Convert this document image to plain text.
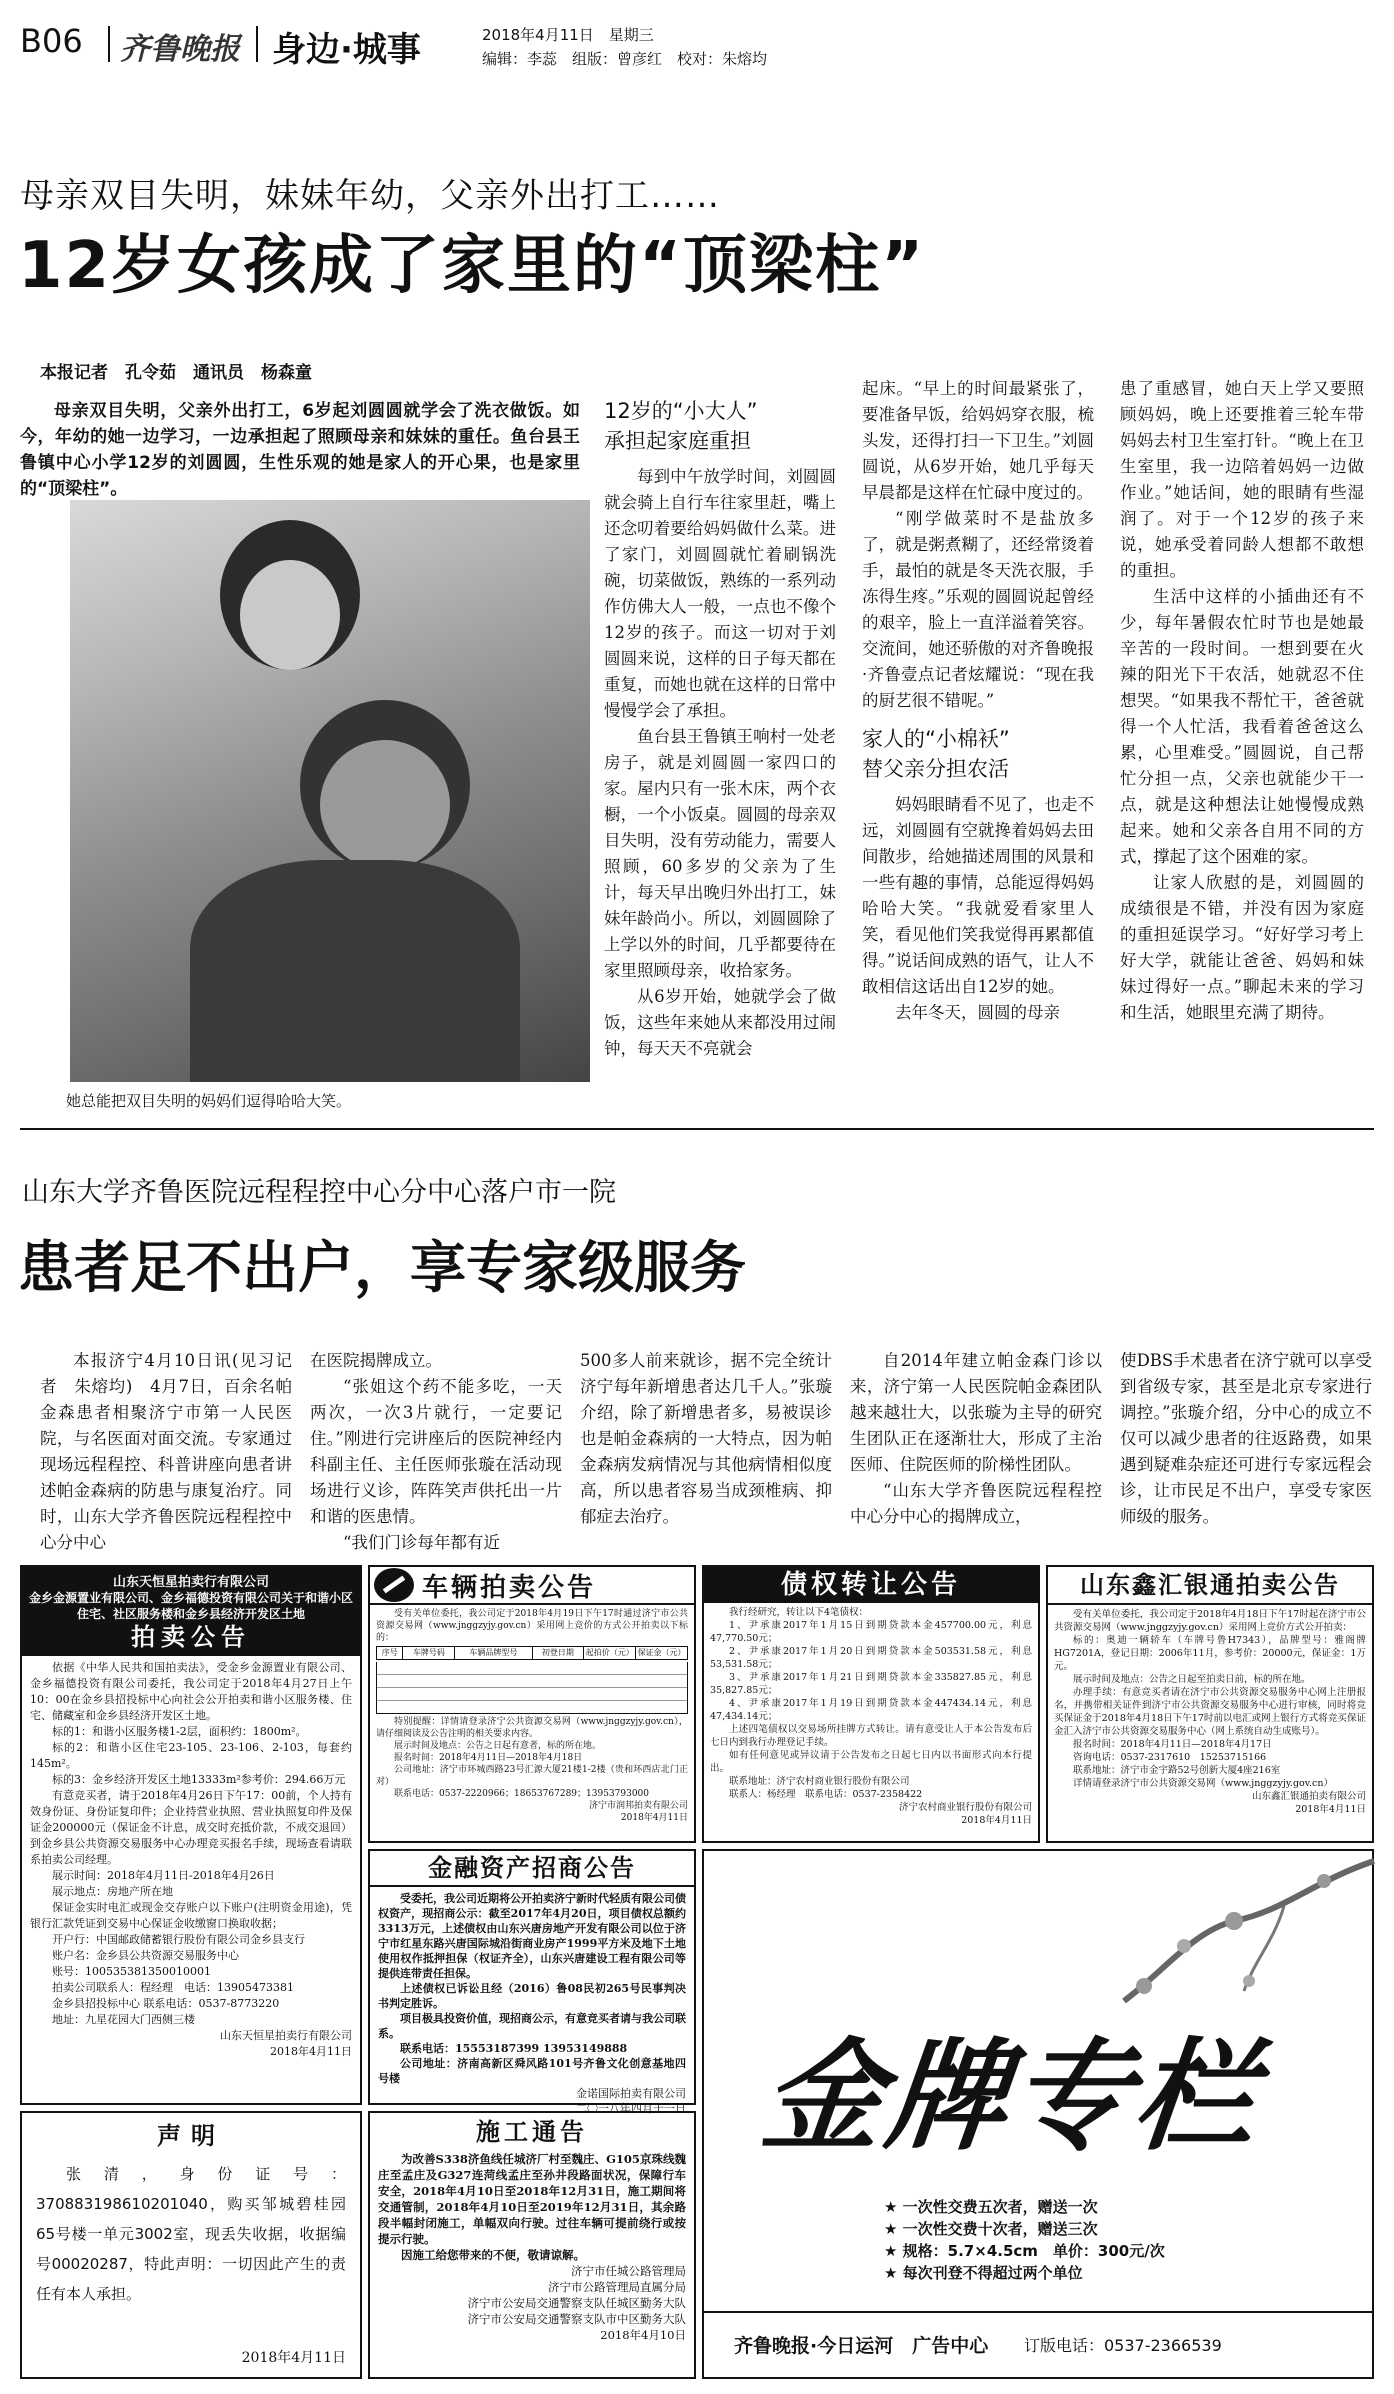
B06 齐鲁晚报 身边·城事	2018年4月11日　星期三
编辑：李蕊　组版：曾彦红　校对：朱熔均
母亲双目失明，妹妹年幼，父亲外出打工……
12岁女孩成了家里的“顶梁柱”
本报记者　孔令茹　通讯员　杨森童

母亲双目失明，父亲外出打工，6岁起刘圆圆就学会了洗衣做饭。如今，年幼的她一边学习，一边承担起了照顾母亲和妹妹的重任。鱼台县王鲁镇中心小学12岁的刘圆圆，生性乐观的她是家人的开心果，也是家里的“顶梁柱”。

她总能把双目失明的妈妈们逗得哈哈大笑。
12岁的“小大人”
承担起家庭重担

每到中午放学时间，刘圆圆就会骑上自行车往家里赶，嘴上还念叨着要给妈妈做什么菜。进了家门，刘圆圆就忙着刷锅洗碗，切菜做饭，熟练的一系列动作仿佛大人一般，一点也不像个12岁的孩子。而这一切对于刘圆圆来说，这样的日子每天都在重复，而她也就在这样的日常中慢慢学会了承担。

鱼台县王鲁镇王响村一处老房子，就是刘圆圆一家四口的家。屋内只有一张木床，两个衣橱，一个小饭桌。圆圆的母亲双目失明，没有劳动能力，需要人照顾，60多岁的父亲为了生计，每天早出晚归外出打工，妹妹年龄尚小。所以，刘圆圆除了上学以外的时间，几乎都要待在家里照顾母亲，收拾家务。

从6岁开始，她就学会了做饭，这些年来她从来都没用过闹钟，每天天不亮就会

起床。“早上的时间最紧张了，要准备早饭，给妈妈穿衣服，梳头发，还得打扫一下卫生。”刘圆圆说，从6岁开始，她几乎每天早晨都是这样在忙碌中度过的。

“刚学做菜时不是盐放多了，就是粥煮糊了，还经常烫着手，最怕的就是冬天洗衣服，手冻得生疼。”乐观的圆圆说起曾经的艰辛，脸上一直洋溢着笑容。交流间，她还骄傲的对齐鲁晚报·齐鲁壹点记者炫耀说：“现在我的厨艺很不错呢。”

家人的“小棉袄”
替父亲分担农活

妈妈眼睛看不见了，也走不远，刘圆圆有空就搀着妈妈去田间散步，给她描述周围的风景和一些有趣的事情，总能逗得妈妈哈哈大笑。“我就爱看家里人笑，看见他们笑我觉得再累都值得。”说话间成熟的语气，让人不敢相信这话出自12岁的她。

去年冬天，圆圆的母亲

患了重感冒，她白天上学又要照顾妈妈，晚上还要推着三轮车带妈妈去村卫生室打针。“晚上在卫生室里，我一边陪着妈妈一边做作业。”她话间，她的眼睛有些湿润了。对于一个12岁的孩子来说，她承受着同龄人想都不敢想的重担。

生活中这样的小插曲还有不少，每年暑假农忙时节也是她最辛苦的一段时间。一想到要在火辣的阳光下干农活，她就忍不住想哭。“如果我不帮忙干，爸爸就得一个人忙活，我看着爸爸这么累，心里难受。”圆圆说，自己帮忙分担一点，父亲也就能少干一点，就是这种想法让她慢慢成熟起来。她和父亲各自用不同的方式，撑起了这个困难的家。

让家人欣慰的是，刘圆圆的成绩很是不错，并没有因为家庭的重担延误学习。“好好学习考上好大学，就能让爸爸、妈妈和妹妹过得好一点。”聊起未来的学习和生活，她眼里充满了期待。

山东大学齐鲁医院远程程控中心分中心落户市一院
患者足不出户，享专家级服务

本报济宁4月10日讯(见习记者　朱熔均)　4月7日，百余名帕金森患者相聚济宁市第一人民医院，与名医面对面交流。专家通过现场远程程控、科普讲座向患者讲述帕金森病的防患与康复治疗。同时，山东大学齐鲁医院远程程控中心分中心

在医院揭牌成立。

“张姐这个药不能多吃，一天两次，一次3片就行，一定要记住。”刚进行完讲座后的医院神经内科副主任、主任医师张璇在活动现场进行义诊，阵阵笑声供托出一片和谐的医患情。

“我们门诊每年都有近

500多人前来就诊，据不完全统计济宁每年新增患者达几千人。”张璇介绍，除了新增患者多，易被误诊也是帕金森病的一大特点，因为帕金森病发病情况与其他病情相似度高，所以患者容易当成颈椎病、抑郁症去治疗。

自2014年建立帕金森门诊以来，济宁第一人民医院帕金森团队越来越壮大，以张璇为主导的研究生团队正在逐渐壮大，形成了主治医师、住院医师的阶梯性团队。

“山东大学齐鲁医院远程程控中心分中心的揭牌成立，

使DBS手术患者在济宁就可以享受到省级专家，甚至是北京专家进行调控。”张璇介绍，分中心的成立不仅可以减少患者的往返路费，如果遇到疑难杂症还可进行专家远程会诊，让市民足不出户，享受专家医师级的服务。

山东天恒星拍卖行有限公司
金乡金源置业有限公司、金乡福德投资有限公司关于和谐小区住宅、社区服务楼和金乡县经济开发区土地
拍卖公告

依据《中华人民共和国拍卖法》，受金乡金源置业有限公司、金乡福德投资有限公司委托，我公司定于2018年4月27日上午10：00在金乡县招投标中心向社会公开拍卖和谐小区服务楼、住宅、储藏室和金乡县经济开发区土地。

标的1：和谐小区服务楼1-2层，面积约：1800m²。

标的2：和谐小区住宅23-105、23-106、2-103，每套约145m²。

标的3：金乡经济开发区土地13333m²参考价：294.66万元

有意竞买者，请于2018年4月26日下午17：00前，个人持有效身份证、身份证复印件；企业持营业执照、营业执照复印件及保证金200000元（保证金不计息，成交时充抵价款，不成交退回）到金乡县公共资源交易服务中心办理竞买报名手续，现场查看请联系拍卖公司经理。

展示时间：2018年4月11日-2018年4月26日

展示地点：房地产所在地

保证金实时电汇或现金交存账户以下账户(注明资金用途)，凭银行汇款凭证到交易中心保证金收缴窗口换取收据；

开户行：中国邮政储蓄银行股份有限公司金乡县支行

账户名：金乡县公共资源交易服务中心

账号：100535381350010001

拍卖公司联系人：程经理　电话：13905473381

金乡县招投标中心 联系电话：0537-8773220

地址：九星花园大门西侧三楼

山东天恒星拍卖行有限公司
2018年4月11日
车辆拍卖公告

受有关单位委托，我公司定于2018年4月19日下午17时通过济宁市公共资源交易网（www.jnggzyjy.gov.cn）采用网上竞价的方式公开拍卖以下标的：

序号	车牌号码	车辆品牌型号	初登日期	起拍价（元） 保证金（元）

特别提醒：详情请登录济宁公共资源交易网（www.jnggzyjy.gov.cn），请仔细阅读及公告注明的相关要求内容。

展示时间及地点：公告之日起有意者，标的所在地。

报名时间：2018年4月11日—2018年4月18日

公司地址：济宁市环城西路23号汇源大厦21楼1-2楼（贵和环西店北门正对）

联系电话：0537-2220966；18653767289；13953793000

济宁市润邦拍卖有限公司
2018年4月11日
债权转让公告

我行经研究，转让以下4笔债权：

1、尹承康2017年1月15日到期贷款本金457700.00元，利息47,770.50元；

2、尹承康2017年1月20日到期贷款本金503531.58元，利息53,531.58元；

3、尹承康2017年1月21日到期贷款本金335827.85元，利息35,827.85元；

4、尹承康2017年1月19日到期贷款本金447434.14元，利息47,434.14元；

上述四笔债权以交易场所挂牌方式转让。请有意受让人于本公告发布后七日内到我行办理登记手续。

如有任何意见或异议请于公告发布之日起七日内以书面形式向本行提出。

联系地址：济宁农村商业银行股份有限公司

联系人：杨经理　联系电话：0537-2358422

济宁农村商业银行股份有限公司
2018年4月11日
山东鑫汇银通拍卖公告

受有关单位委托，我公司定于2018年4月18日下午17时起在济宁市公共资源交易网（www.jnggzyjy.gov.cn）采用网上竞价方式公开拍卖：

标的：奥迪一辆轿车（车牌号鲁H7343），品牌型号：雅阁牌HG7201A，登记日期：2006年11月，参考价：20000元，保证金：1万元。

展示时间及地点：公告之日起至拍卖日前，标的所在地。

办理手续：有意竞买者请在济宁市公共资源交易服务中心网上注册报名，并携带相关证件到济宁市公共资源交易服务中心进行审核，同时将竞买保证金于2018年4月18日下午17时前以电汇或网上银行方式将竞买保证金汇入济宁市公共资源交易服务中心（网上系统自动生成账号）。

报名时间：2018年4月11日—2018年4月17日

咨询电话：0537-2317610　15253715166

联系地址：济宁市金宇路52号创新大厦4座216室

详情请登录济宁市公共资源交易网（www.jnggzyjy.gov.cn）

山东鑫汇银通拍卖有限公司
2018年4月11日
金融资产招商公告

受委托，我公司近期将公开拍卖济宁新时代轻质有限公司债权资产，现招商公示：截至2017年4月20日，项目债权总额约3313万元，上述债权由山东兴唐房地产开发有限公司以位于济宁市红星东路兴唐国际城沿街商业房产1999平方米及地下土地使用权作抵押担保（权证齐全），山东兴唐建设工程有限公司等提供连带责任担保。

上述债权已诉讼且经（2016）鲁08民初265号民事判决书判定胜诉。

项目极具投资价值，现招商公示，有意竞买者请与我公司联系。

联系电话：15553187399 13953149888

公司地址：济南高新区舜风路101号齐鲁文化创意基地四号楼

金诺国际拍卖有限公司
二〇一八年四月十一日
声明
张清，身份证号：370883198610201040，购买邹城碧桂园65号楼一单元3002室，现丢失收据，收据编号00020287，特此声明：一切因此产生的责任有本人承担。
2018年4月11日
施工通告

为改善S338济鱼线任城济厂村至魏庄、G105京珠线魏庄至孟庄及G327连菏线孟庄至孙井段路面状况，保障行车安全，2018年4月10日至2018年12月31日，施工期间将交通管制，2018年4月10日至2019年12月31日，其余路段半幅封闭施工，单幅双向行驶。过往车辆可提前绕行或按提示行驶。

因施工给您带来的不便，敬请谅解。

济宁市任城公路管理局
济宁市公路管理局直属分局
济宁市公安局交通警察支队任城区勤务大队
济宁市公安局交通警察支队市中区勤务大队
2018年4月10日
金牌专栏
★ 一次性交费五次者，赠送一次
★ 一次性交费十次者，赠送三次
★ 规格：5.7×4.5cm　单价：300元/次
★ 每次刊登不得超过两个单位
齐鲁晚报·今日运河　广告中心 订版电话：0537-2366539
